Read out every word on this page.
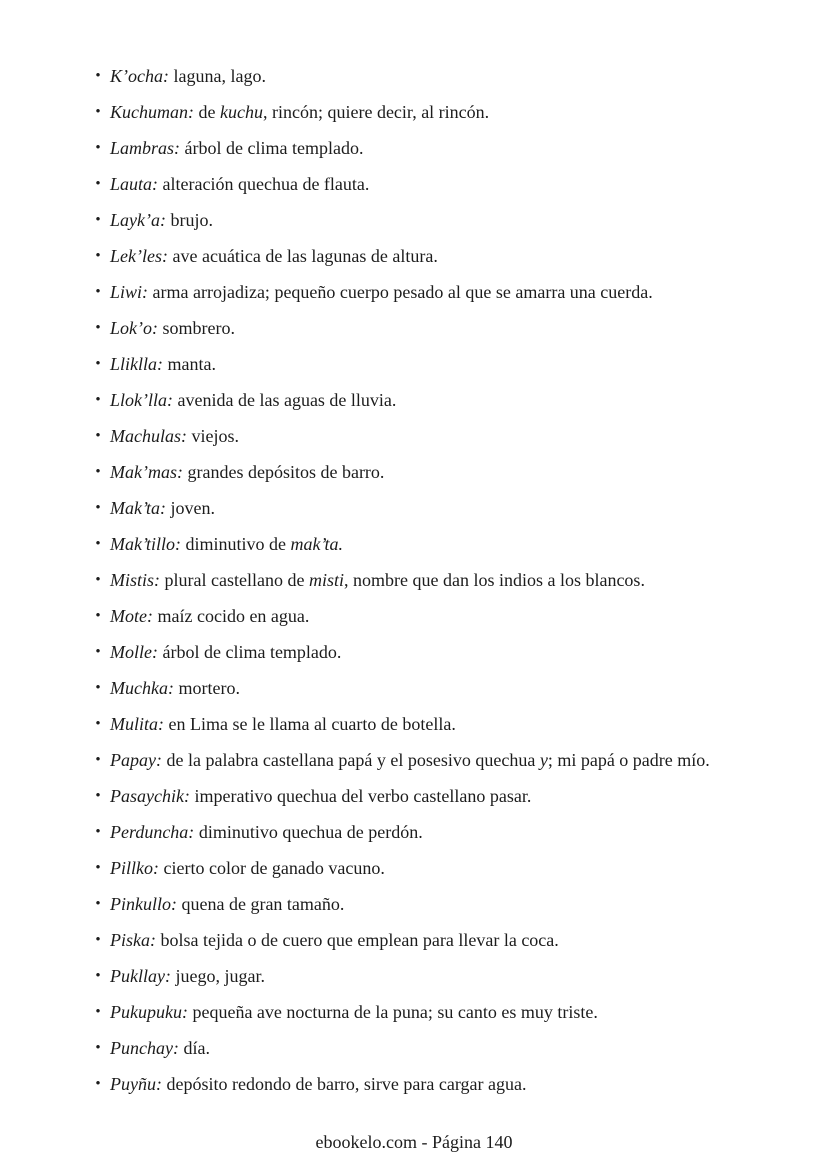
• K’ocha: laguna, lago.
• Kuchuman: de kuchu, rincón; quiere decir, al rincón.
• Lambras: árbol de clima templado.
• Lauta: alteración quechua de flauta.
• Layk’a: brujo.
• Lek’les: ave acuática de las lagunas de altura.
• Liwi: arma arrojadiza; pequeño cuerpo pesado al que se amarra una cuerda.
• Lok’o: sombrero.
• Lliklla: manta.
• Llok’lla: avenida de las aguas de lluvia.
• Machulas: viejos.
• Mak’mas: grandes depósitos de barro.
• Mak’ta: joven.
• Mak’tillo: diminutivo de mak’ta.
• Mistis: plural castellano de misti, nombre que dan los indios a los blancos.
• Mote: maíz cocido en agua.
• Molle: árbol de clima templado.
• Muchka: mortero.
• Mulita: en Lima se le llama al cuarto de botella.
• Papay: de la palabra castellana papá y el posesivo quechua y; mi papá o padre mío.
• Pasaychik: imperativo quechua del verbo castellano pasar.
• Perduncha: diminutivo quechua de perdón.
• Pillko: cierto color de ganado vacuno.
• Pinkullo: quena de gran tamaño.
• Piska: bolsa tejida o de cuero que emplean para llevar la coca.
• Pukllay: juego, jugar.
• Pukupuku: pequeña ave nocturna de la puna; su canto es muy triste.
• Punchay: día.
• Puyñu: depósito redondo de barro, sirve para cargar agua.
ebookelo.com - Página 140
